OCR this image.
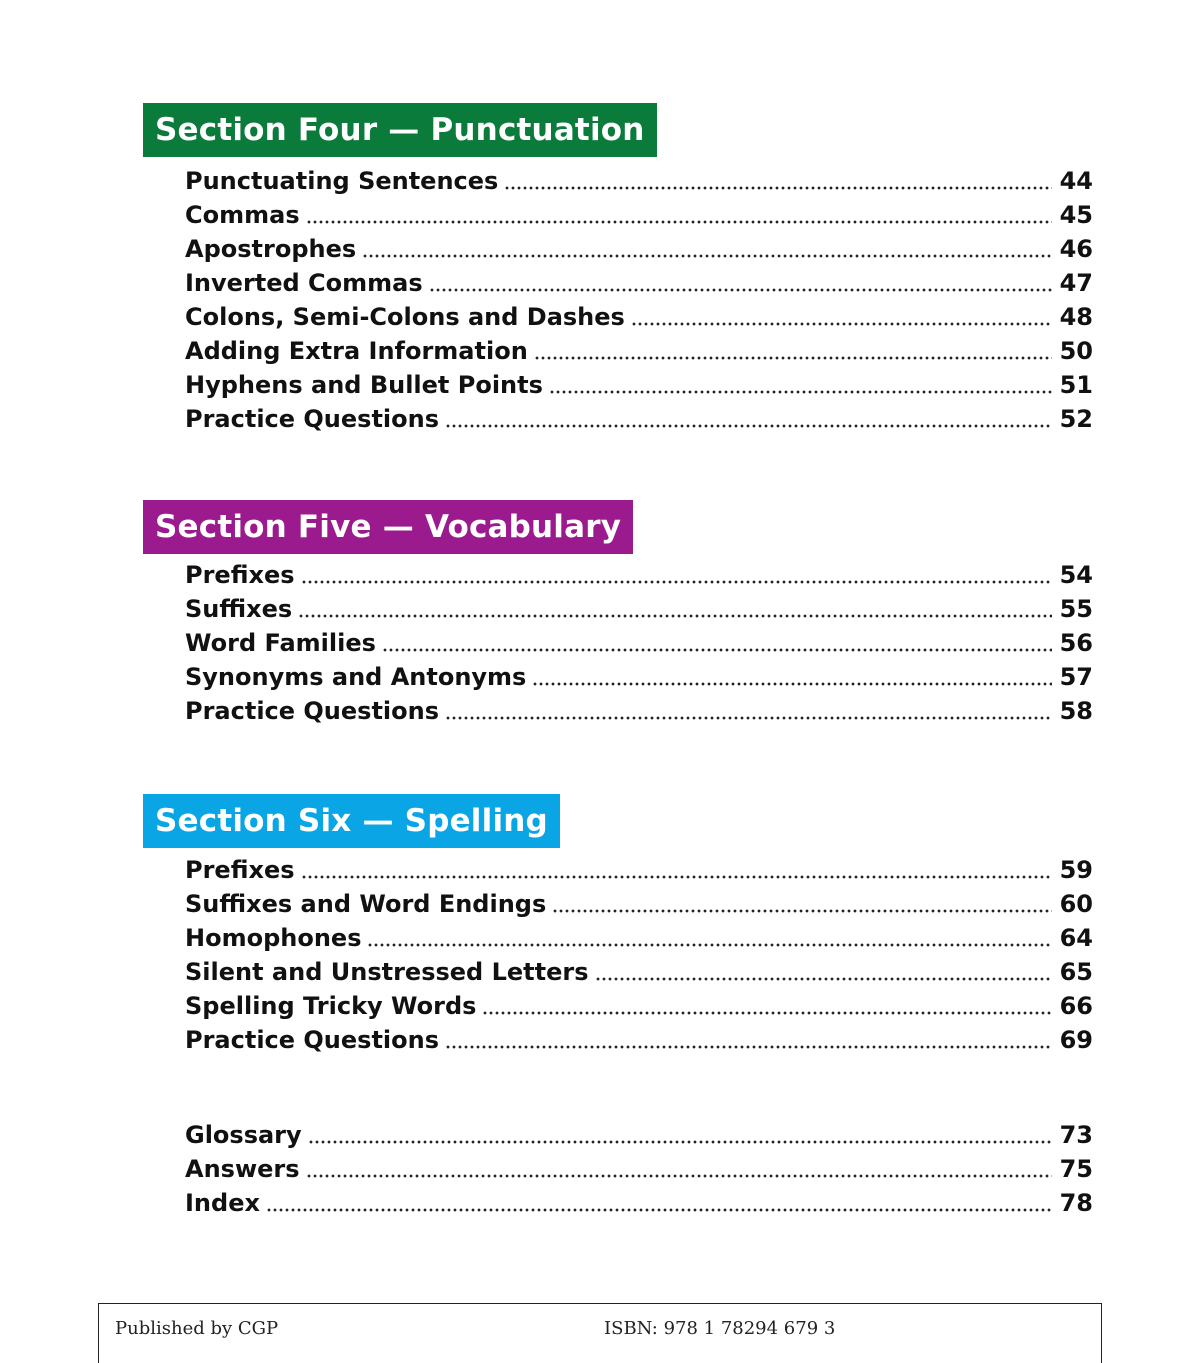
Section Four — Punctuation
Punctuating Sentences	44
Commas	45
Apostrophes	46
Inverted Commas	47
Colons, Semi-Colons and Dashes	48
Adding Extra Information	50
Hyphens and Bullet Points	51
Practice Questions	52
Section Five — Vocabulary
Prefixes	54
Suffixes	55
Word Families	56
Synonyms and Antonyms	57
Practice Questions	58
Section Six — Spelling
Prefixes	59
Suffixes and Word Endings	60
Homophones	64
Silent and Unstressed Letters	65
Spelling Tricky Words	66
Practice Questions	69
Glossary	73
Answers	75
Index	78
Published by CGP	ISBN: 978 1 78294 679 3
